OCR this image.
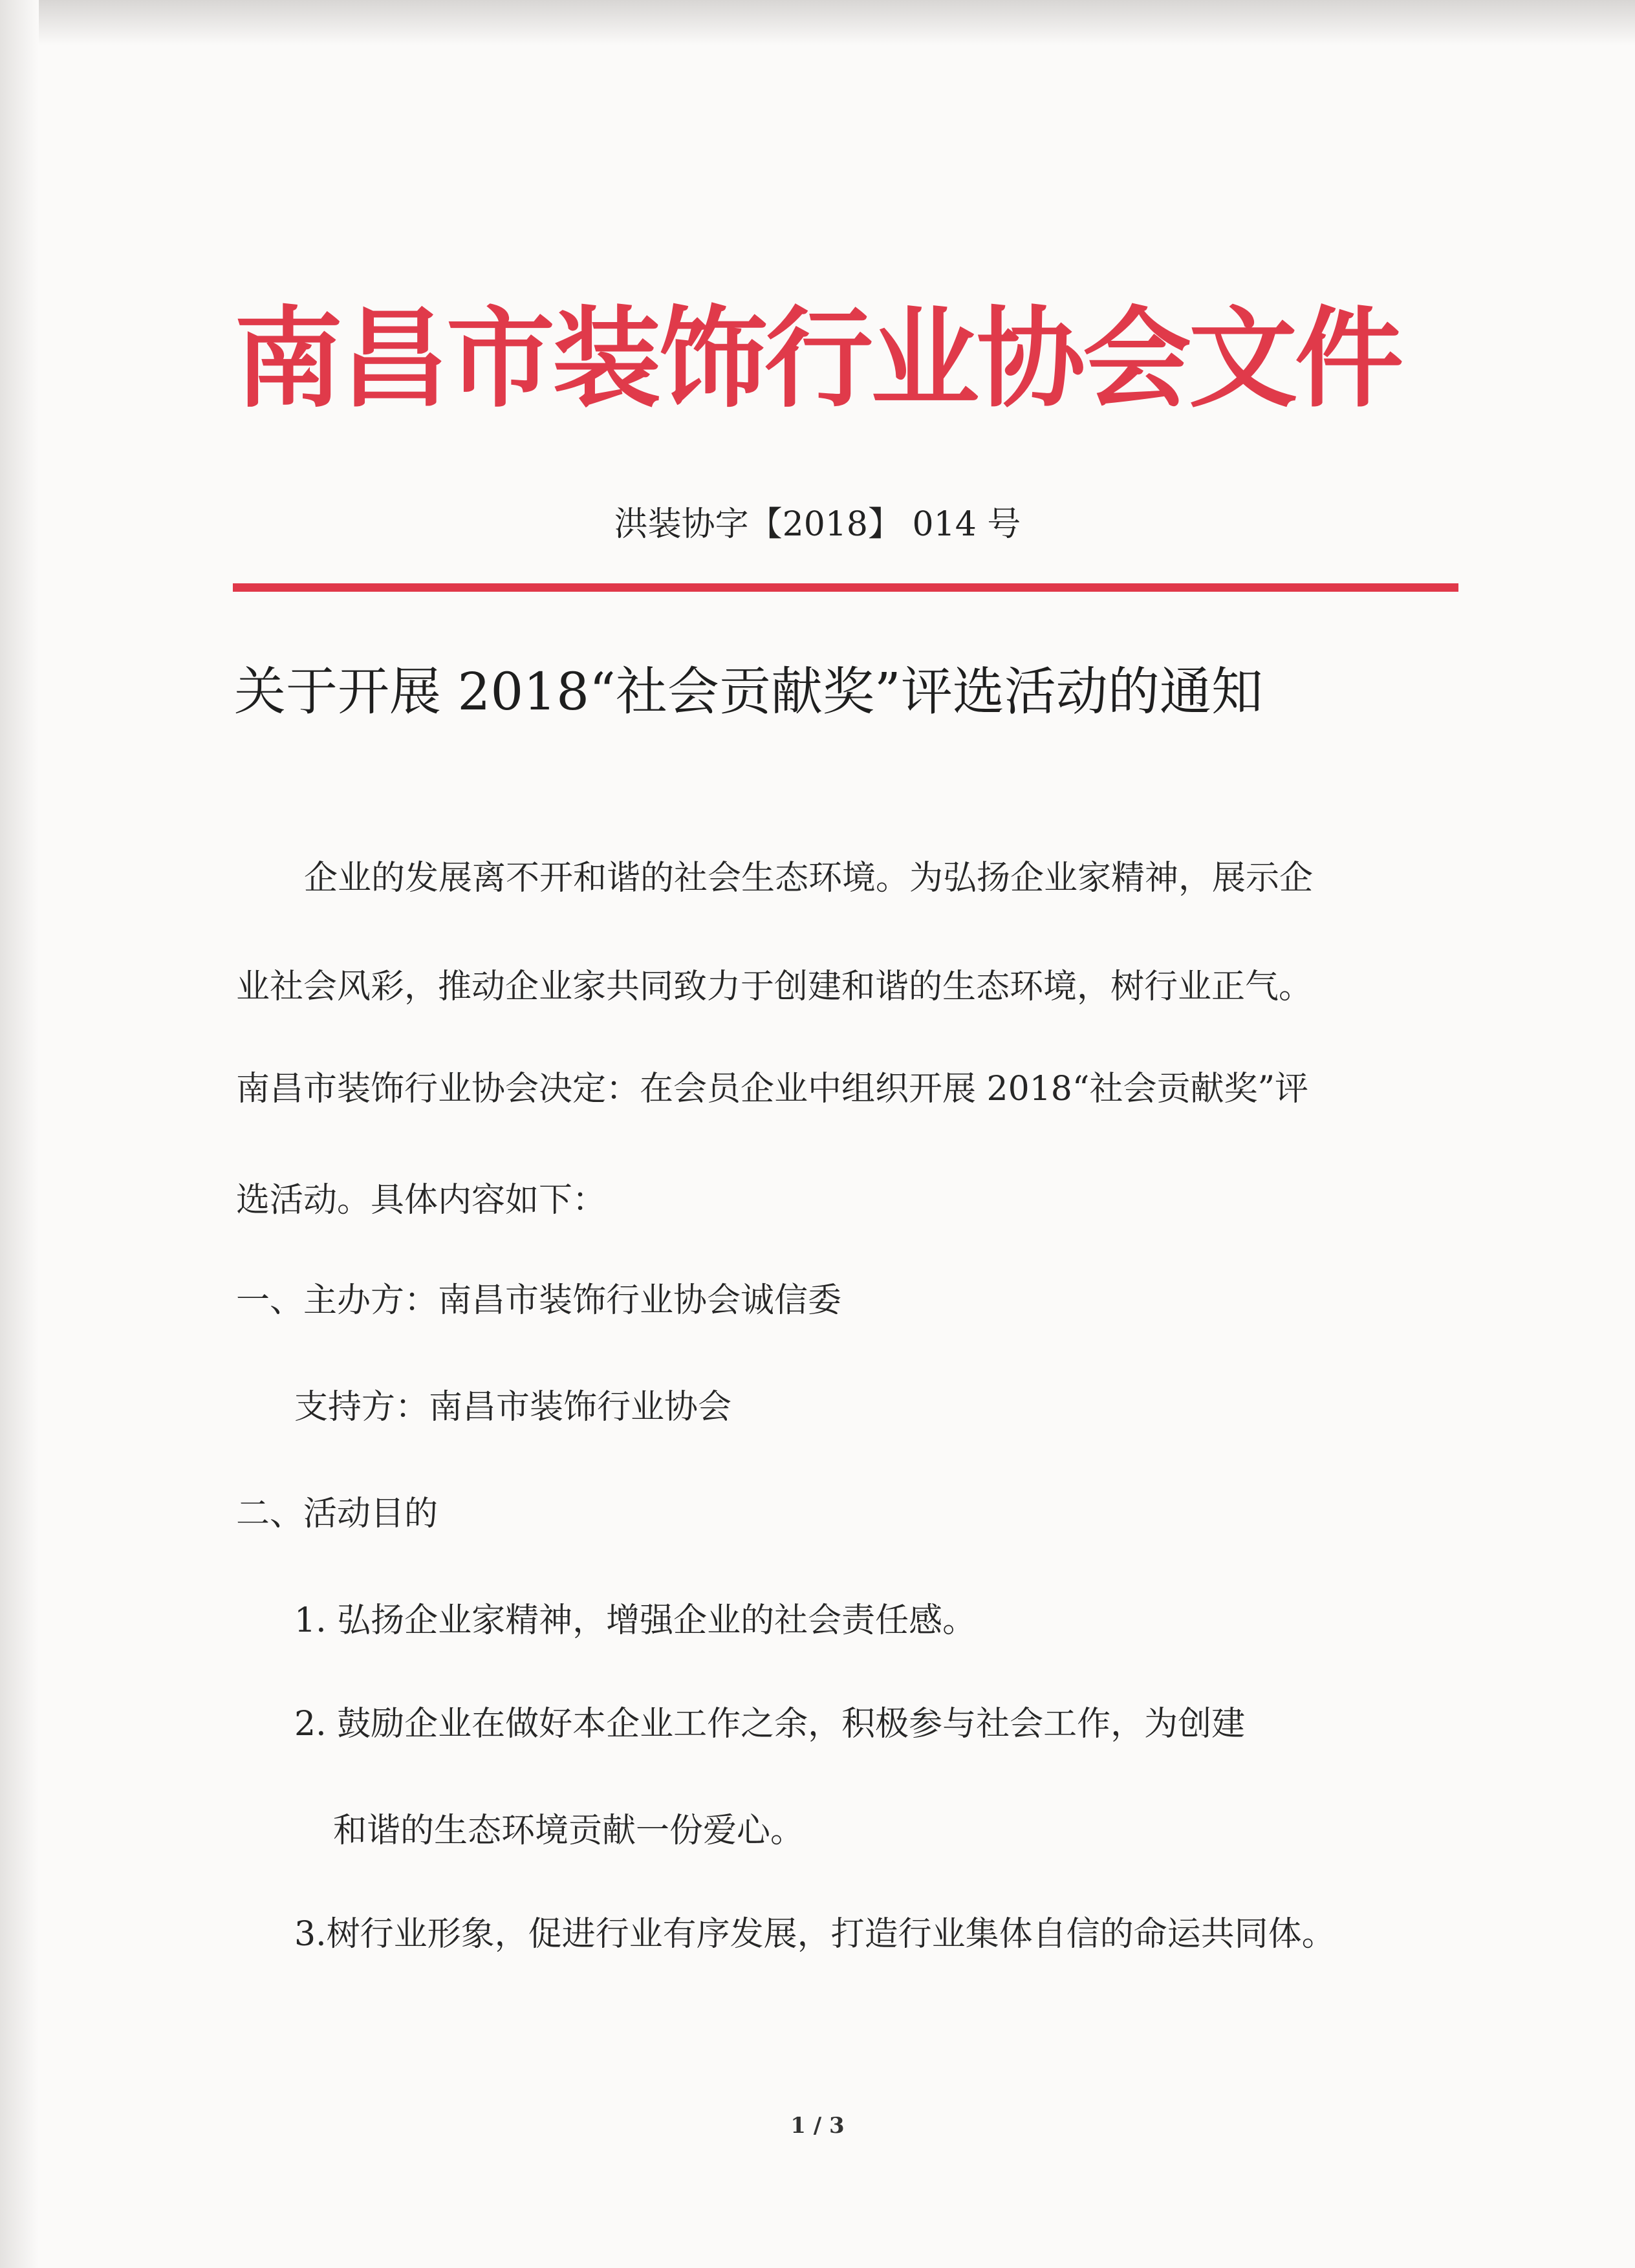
南昌市装饰行业协会文件
洪装协字【2018】 014 号
关于开展 2018“社会贡献奖”评选活动的通知
企业的发展离不开和谐的社会生态环境。为弘扬企业家精神，展示企
业社会风彩，推动企业家共同致力于创建和谐的生态环境，树行业正气。
南昌市装饰行业协会决定：在会员企业中组织开展 2018“社会贡献奖”评
选活动。具体内容如下：
一、主办方：南昌市装饰行业协会诚信委
支持方：南昌市装饰行业协会
二、活动目的
1. 弘扬企业家精神，增强企业的社会责任感。
2. 鼓励企业在做好本企业工作之余，积极参与社会工作，为创建
和谐的生态环境贡献一份爱心。
3.树行业形象，促进行业有序发展，打造行业集体自信的命运共同体。
1 / 3
